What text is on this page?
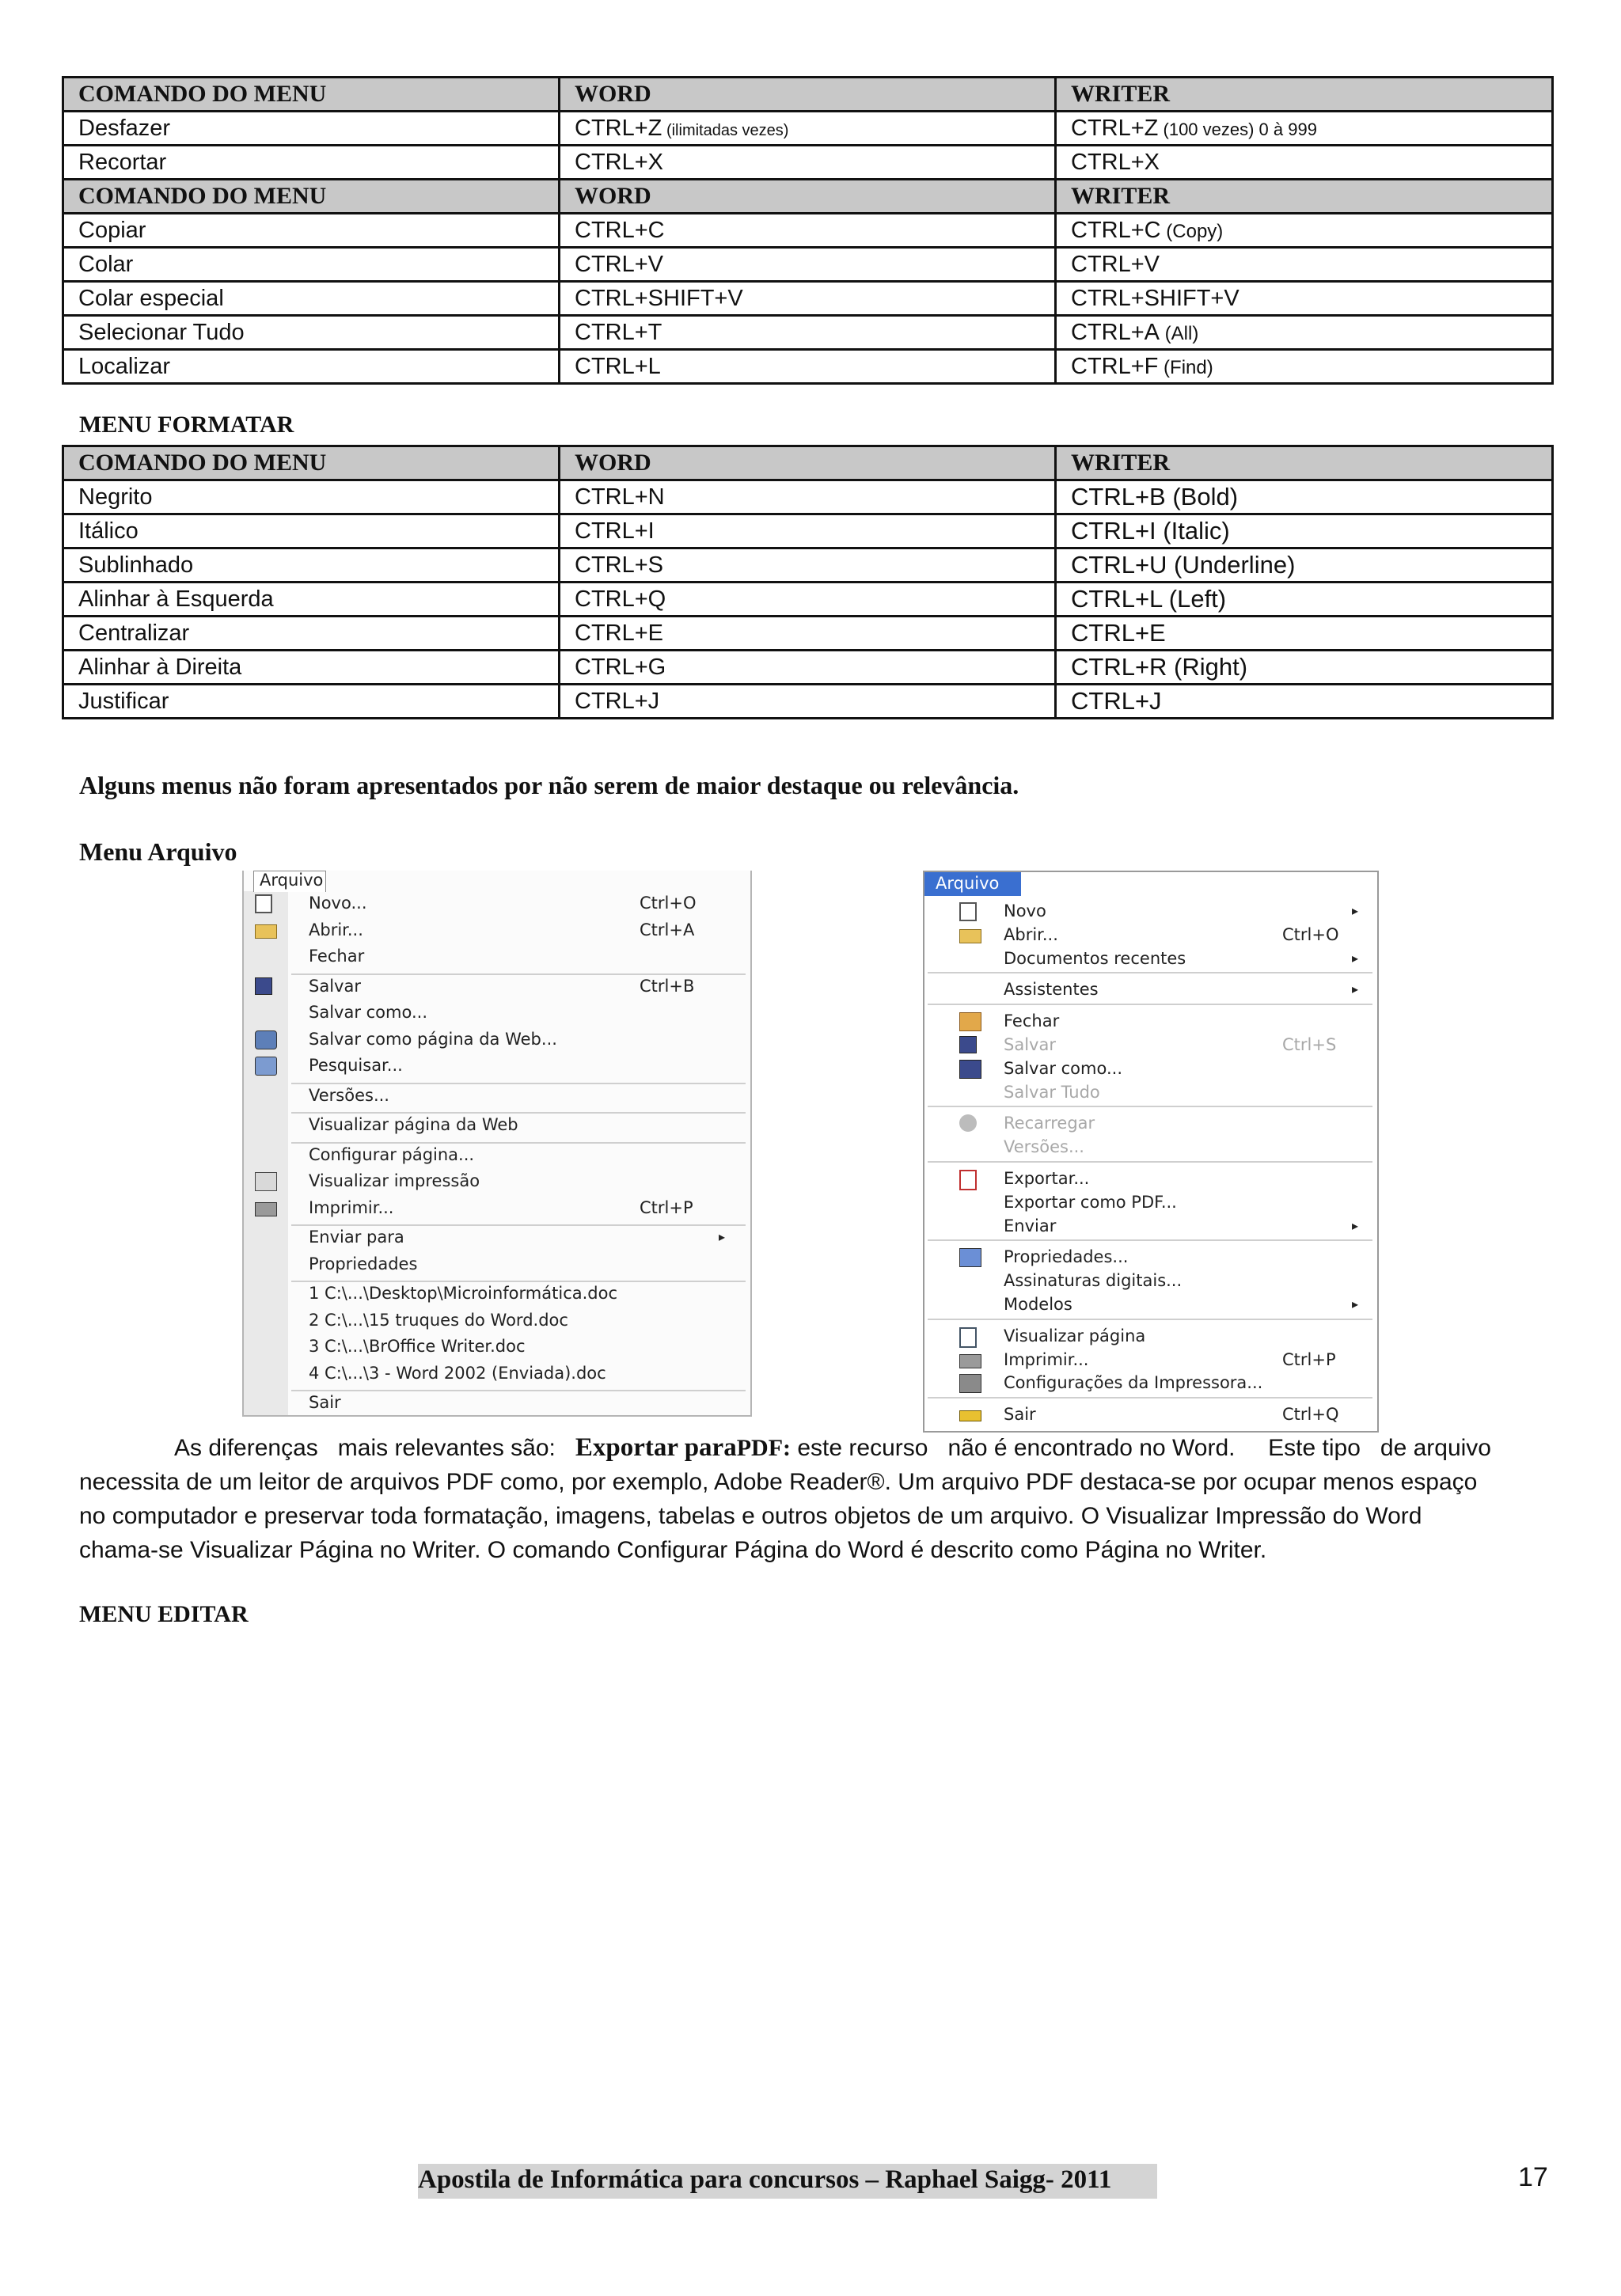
COMANDO DO MENU	WORD	WRITER
Desfazer	CTRL+Z (ilimitadas vezes)	CTRL+Z (100 vezes) 0 à 999
Recortar	CTRL+X	CTRL+X
COMANDO DO MENU	WORD	WRITER
Copiar	CTRL+C	CTRL+C (Copy)
Colar	CTRL+V	CTRL+V
Colar especial	CTRL+SHIFT+V	CTRL+SHIFT+V
Selecionar Tudo	CTRL+T	CTRL+A (All)
Localizar	CTRL+L	CTRL+F (Find)
MENU FORMATAR
COMANDO DO MENU	WORD	WRITER
Negrito	CTRL+N	CTRL+B (Bold)
Itálico	CTRL+I	CTRL+I (Italic)
Sublinhado	CTRL+S	CTRL+U (Underline)
Alinhar à Esquerda	CTRL+Q	CTRL+L (Left)
Centralizar	CTRL+E	CTRL+E
Alinhar à Direita	CTRL+G	CTRL+R (Right)
Justificar	CTRL+J	CTRL+J
Alguns menus não foram apresentados por não serem de maior destaque ou relevância.
Menu Arquivo
Arquivo
Novo...	Ctrl+O
Abrir...	Ctrl+A
Fechar
Salvar	Ctrl+B
Salvar como...
Salvar como página da Web...
Pesquisar...
Versões...
Visualizar página da Web
Configurar página...
Visualizar impressão
Imprimir...	Ctrl+P
Enviar para	▸
Propriedades
1 C:\...\Desktop\Microinformática.doc
2 C:\...\15 truques do Word.doc
3 C:\...\BrOffice Writer.doc
4 C:\...\3 - Word 2002 (Enviada).doc
Sair
Arquivo
Novo	▸
Abrir...	Ctrl+O
Documentos recentes	▸
Assistentes	▸
Fechar
Salvar	Ctrl+S
Salvar como...
Salvar Tudo
Recarregar
Versões...
Exportar...
Exportar como PDF...
Enviar	▸
Propriedades...
Assinaturas digitais...
Modelos	▸
Visualizar página
Imprimir...	Ctrl+P
Configurações da Impressora...
Sair	Ctrl+Q
As diferenças   mais relevantes são:   Exportar paraPDF: este recurso   não é encontrado no Word.     Este tipo   de arquivo
necessita de um leitor de arquivos PDF como, por exemplo, Adobe Reader®. Um arquivo PDF destaca-se por ocupar menos espaço
no computador e preservar toda formatação, imagens, tabelas e outros objetos de um arquivo. O Visualizar Impressão do Word
chama-se Visualizar Página no Writer. O comando Configurar Página do Word é descrito como Página no Writer.
MENU EDITAR
Apostila de Informática para concursos – Raphael Saigg- 2011	17
